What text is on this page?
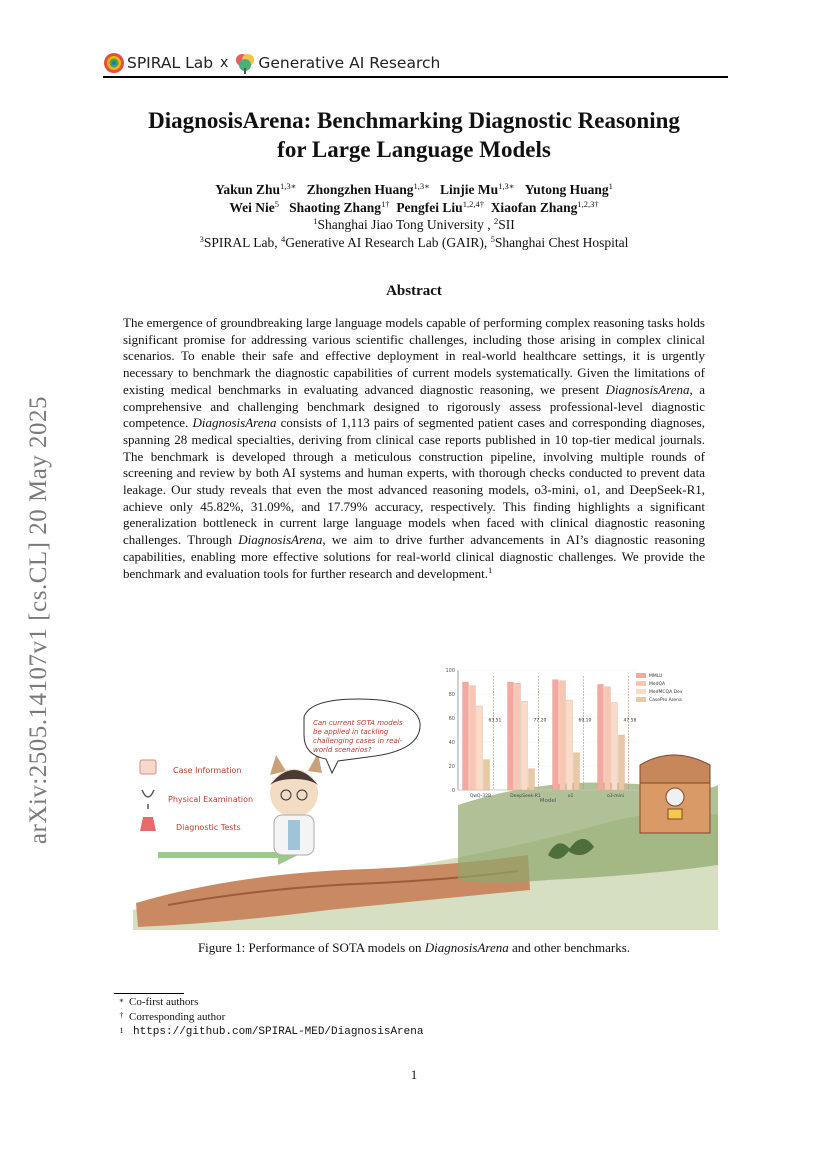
SPIRAL Lab x Generative AI Research
arXiv:2505.14107v1 [cs.CL] 20 May 2025
DiagnosisArena: Benchmarking Diagnostic Reasoning
for Large Language Models
Yakun Zhu$^{1,3∗}$ Zhongzhen Huang$^{1,3∗}$ Linjie $Mu^{1,3∗}$ Yutong Huang$^1$
Wei Nie$^5$ Shaoting Zhang$^{1\dagger}$ Pengfei Liu$^{1,2,4\dagger}$ Xiaofan Zhang$^{1,2,3\dagger}$
$^1$Shanghai Jiao Tong University , $^2$SII
$^3$SPIRAL Lab, $^4$Generative AI Research Lab (GAIR), $^5$Shanghai Chest Hospital
Abstract
The emergence of groundbreaking large language models capable of performing complex reasoning tasks holds significant promise for addressing various scientific challenges, including those arising in complex clinical scenarios. To enable their safe and effective deployment in real-world healthcare settings, it is urgently necessary to benchmark the diagnostic capabilities of current models systematically. Given the limitations of existing medical benchmarks in evaluating advanced diagnostic reasoning, we present DiagnosisArena, a comprehensive and challenging benchmark designed to rigorously assess professional-level diagnostic competence. DiagnosisArena consists of 1,113 pairs of segmented patient cases and corresponding diagnoses, spanning 28 medical specialties, deriving from clinical case reports published in 10 top-tier medical journals. The benchmark is developed through a meticulous construction pipeline, involving multiple rounds of screening and review by both AI systems and human experts, with thorough checks conducted to prevent data leakage. Our study reveals that even the most advanced reasoning models, o3-mini, o1, and DeepSeek-R1, achieve only 45.82%, 31.09%, and 17.79% accuracy, respectively. This finding highlights a significant generalization bottleneck in current large language models when faced with clinical diagnostic reasoning challenges. Through DiagnosisArena, we aim to drive further advancements in AI’s diagnostic reasoning capabilities, enabling more effective solutions for real-world clinical diagnostic challenges. We provide the benchmark and evaluation tools for further research and development.$^1$
Case Information
Physical Examination
Diagnostic Tests
Can current SOTA models be applied in tackling challenging cases in real-world scenarios?
Model
MMLU
MedQA
MedMCQA Dev
CasePro Arena
0
20
40
60
80
100
63.51
QwQ-32B
77.20
DeepSeek-R1
69.10
o1
47.58
o3-mini
Figure 1: Performance of SOTA models on DiagnosisArena and other benchmarks.
∗ Co-first authors
† Corresponding author
1 https://github.com/SPIRAL-MED/DiagnosisArena
1
